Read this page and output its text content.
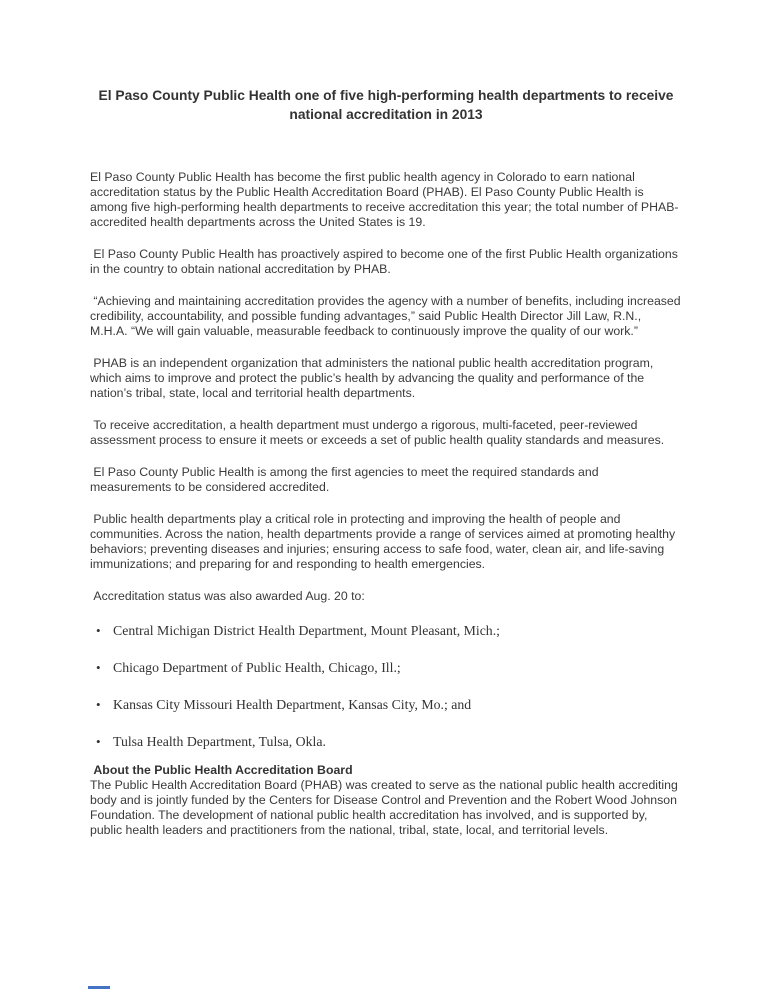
El Paso County Public Health one of five high-performing health departments to receive national accreditation in 2013

El Paso County Public Health has become the first public health agency in Colorado to earn national accreditation status by the Public Health Accreditation Board (PHAB). El Paso County Public Health is among five high-performing health departments to receive accreditation this year; the total number of PHAB-accredited health departments across the United States is 19.

El Paso County Public Health has proactively aspired to become one of the first Public Health organizations in the country to obtain national accreditation by PHAB.

“Achieving and maintaining accreditation provides the agency with a number of benefits, including increased credibility, accountability, and possible funding advantages,” said Public Health Director Jill Law, R.N., M.H.A. “We will gain valuable, measurable feedback to continuously improve the quality of our work.”

PHAB is an independent organization that administers the national public health accreditation program, which aims to improve and protect the public’s health by advancing the quality and performance of the nation’s tribal, state, local and territorial health departments.

To receive accreditation, a health department must undergo a rigorous, multi-faceted, peer-reviewed assessment process to ensure it meets or exceeds a set of public health quality standards and measures.

El Paso County Public Health is among the first agencies to meet the required standards and measurements to be considered accredited.

Public health departments play a critical role in protecting and improving the health of people and communities. Across the nation, health departments provide a range of services aimed at promoting healthy behaviors; preventing diseases and injuries; ensuring access to safe food, water, clean air, and life-saving immunizations; and preparing for and responding to health emergencies.

Accreditation status was also awarded Aug. 20 to:

• Central Michigan District Health Department, Mount Pleasant, Mich.;
• Chicago Department of Public Health, Chicago, Ill.;
• Kansas City Missouri Health Department, Kansas City, Mo.; and
• Tulsa Health Department, Tulsa, Okla.
About the Public Health Accreditation Board

The Public Health Accreditation Board (PHAB) was created to serve as the national public health accrediting body and is jointly funded by the Centers for Disease Control and Prevention and the Robert Wood Johnson Foundation. The development of national public health accreditation has involved, and is supported by, public health leaders and practitioners from the national, tribal, state, local, and territorial levels.
